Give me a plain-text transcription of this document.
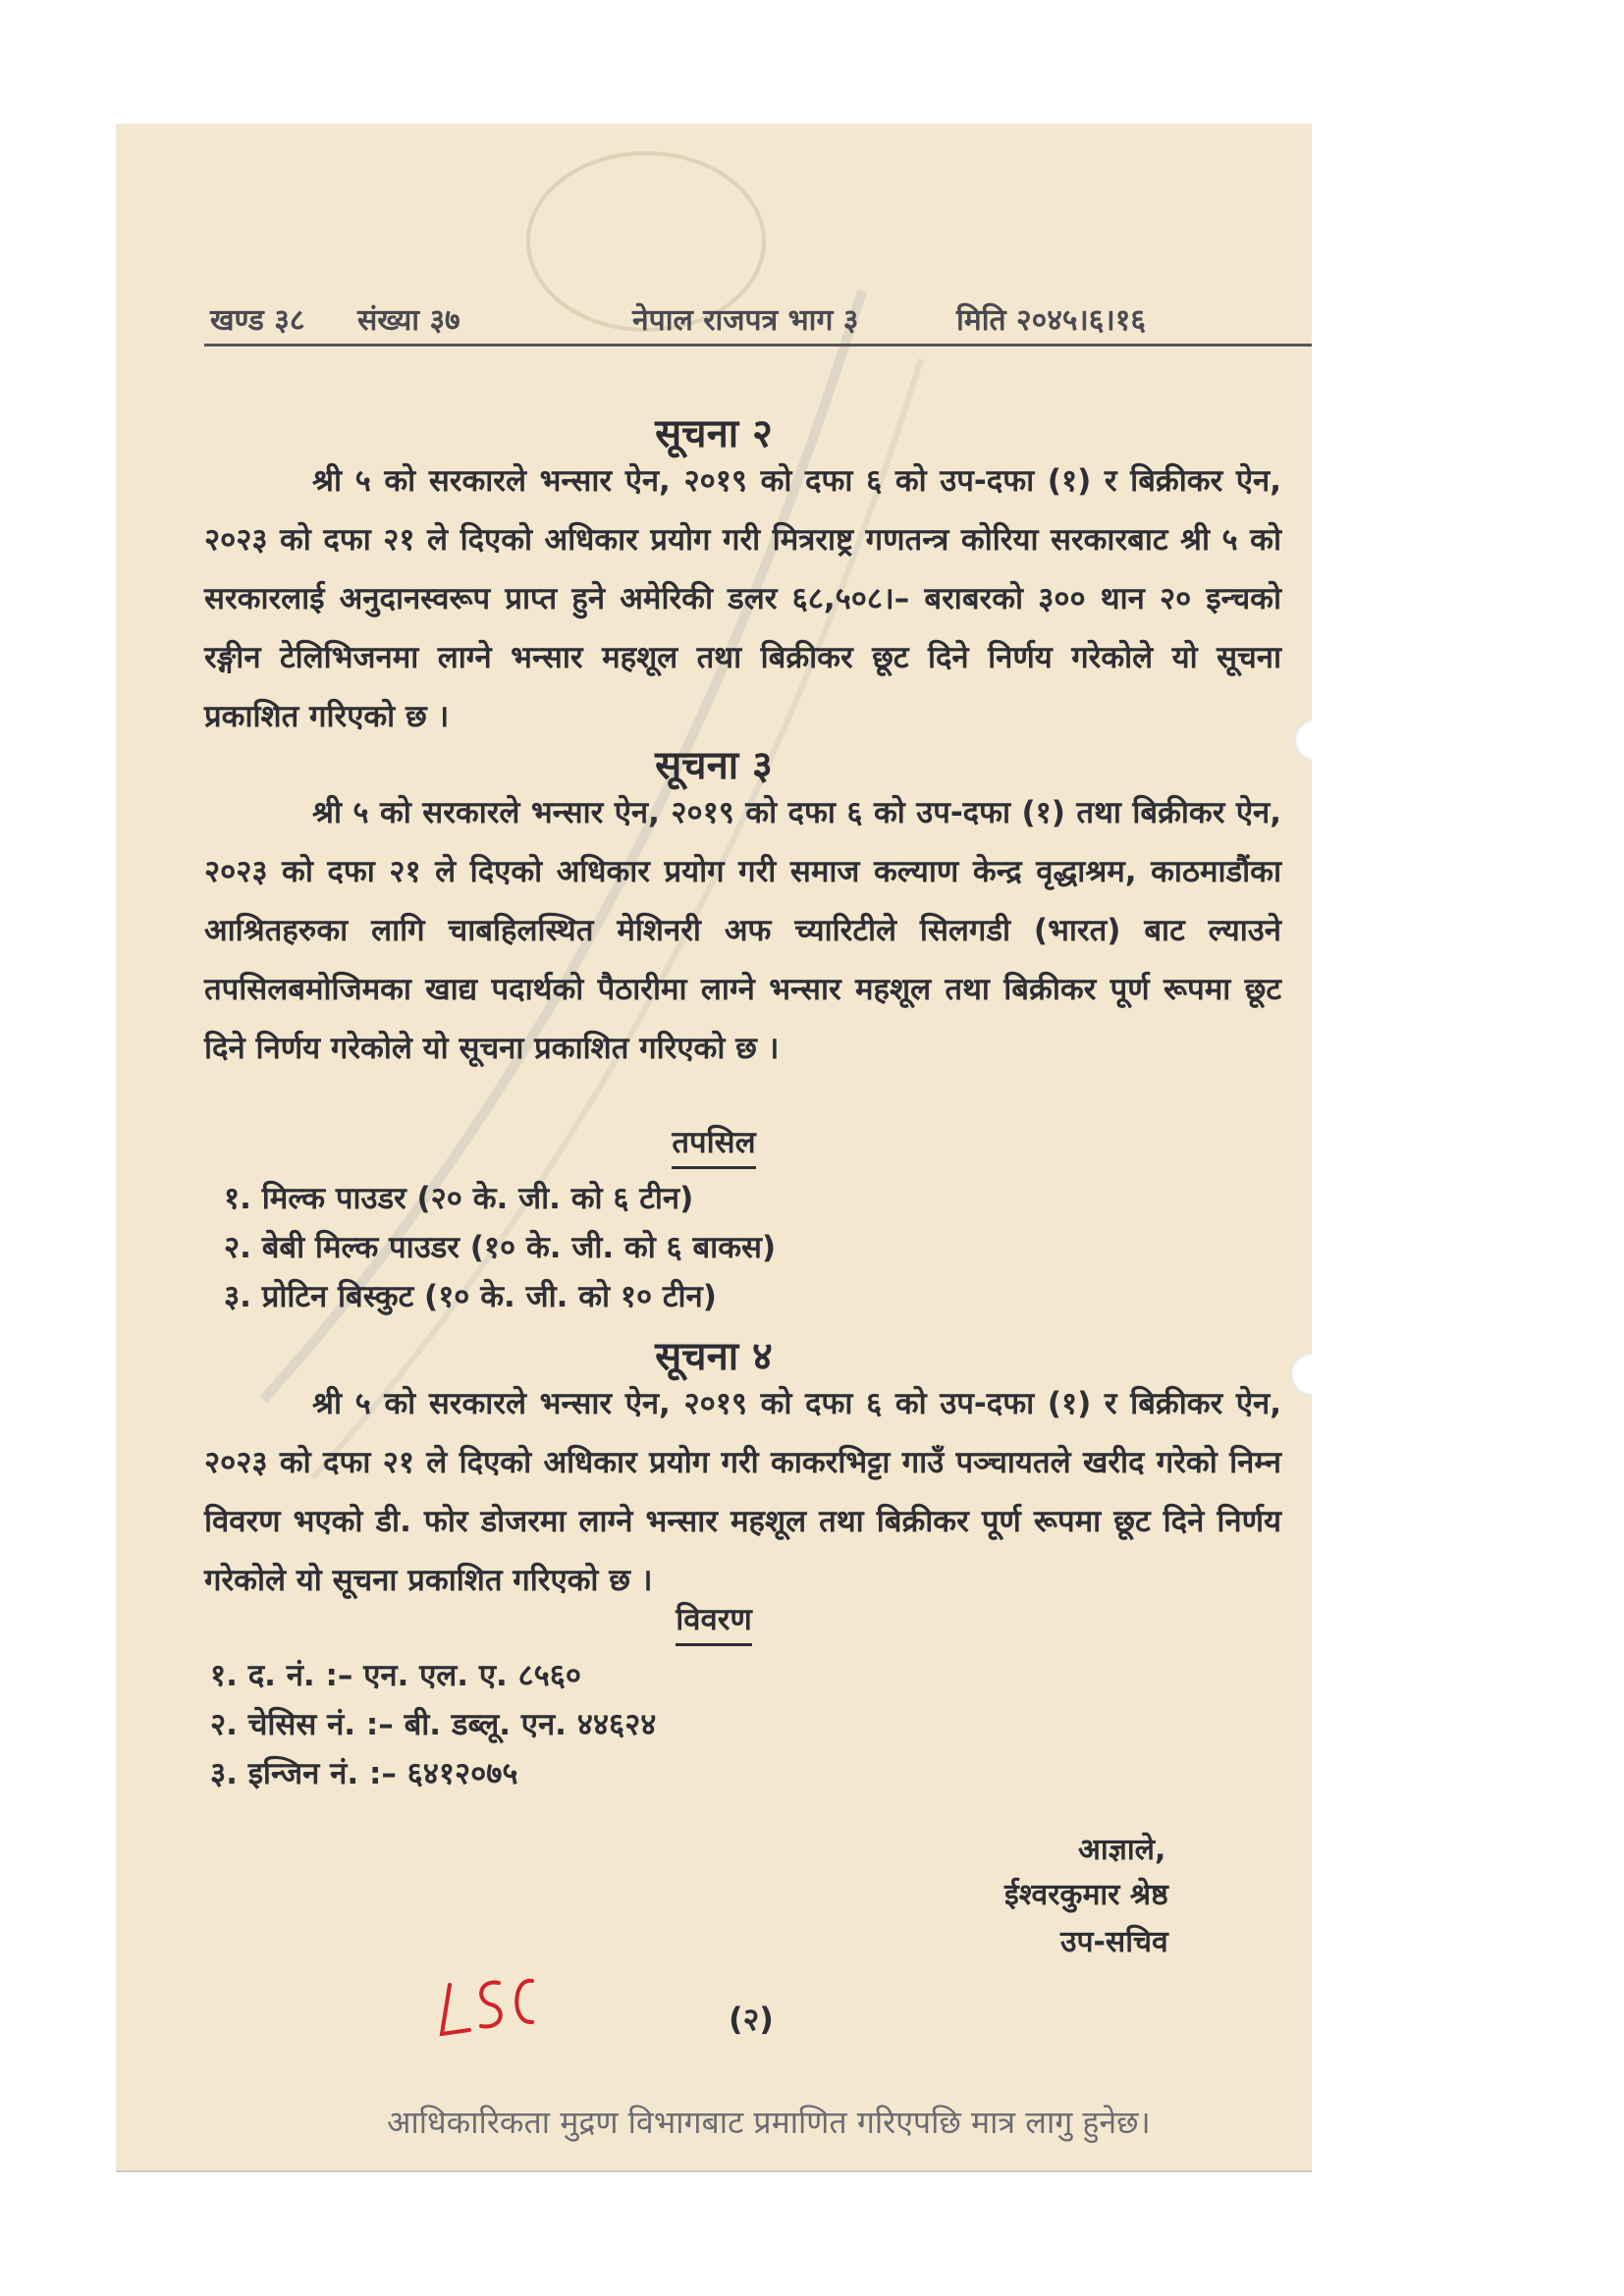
खण्ड ३८ संख्या ३७	नेपाल राजपत्र भाग ३	मिति २०४५।६।१६
सूचना २

श्री ५ को सरकारले भन्सार ऐन, २०१९ को दफा ६ को उप-दफा (१) र बिक्रीकर ऐन, २०२३ को दफा २१ ले दिएको अधिकार प्रयोग गरी मित्रराष्ट्र गणतन्त्र कोरिया सरकारबाट श्री ५ को सरकारलाई अनुदानस्वरूप प्राप्त हुने अमेरिकी डलर ६८,५०८।– बराबरको ३०० थान २० इन्चको रङ्गीन टेलिभिजनमा लाग्ने भन्सार महशूल तथा बिक्रीकर छूट दिने निर्णय गरेकोले यो सूचना प्रकाशित गरिएको छ ।

सूचना ३

श्री ५ को सरकारले भन्सार ऐन, २०१९ को दफा ६ को उप-दफा (१) तथा बिक्रीकर ऐन, २०२३ को दफा २१ ले दिएको अधिकार प्रयोग गरी समाज कल्याण केन्द्र वृद्धाश्रम, काठमाडौंका आश्रितहरुका लागि चाबहिलस्थित मेशिनरी अफ च्यारिटीले सिलगडी (भारत) बाट ल्याउने तपसिलबमोजिमका खाद्य पदार्थको पैठारीमा लाग्ने भन्सार महशूल तथा बिक्रीकर पूर्ण रूपमा छूट दिने निर्णय गरेकोले यो सूचना प्रकाशित गरिएको छ ।

तपसिल
१. मिल्क पाउडर (२० के. जी. को ६ टीन)
२. बेबी मिल्क पाउडर (१० के. जी. को ६ बाकस)
३. प्रोटिन बिस्कुट (१० के. जी. को १० टीन)
सूचना ४

श्री ५ को सरकारले भन्सार ऐन, २०१९ को दफा ६ को उप-दफा (१) र बिक्रीकर ऐन, २०२३ को दफा २१ ले दिएको अधिकार प्रयोग गरी काकरभिट्टा गाउँ पञ्चायतले खरीद गरेको निम्न विवरण भएको डी. फोर डोजरमा लाग्ने भन्सार महशूल तथा बिक्रीकर पूर्ण रूपमा छूट दिने निर्णय गरेकोले यो सूचना प्रकाशित गरिएको छ ।

विवरण
१. द. नं. :– एन. एल. ए. ८५६०
२. चेसिस नं. :– बी. डब्लू. एन. ४४६२४
३. इन्जिन नं. :– ६४१२०७५
आज्ञाले,
ईश्वरकुमार श्रेष्ठ
उप-सचिव
(२)
आधिकारिकता मुद्रण विभागबाट प्रमाणित गरिएपछि मात्र लागु हुनेछ।
